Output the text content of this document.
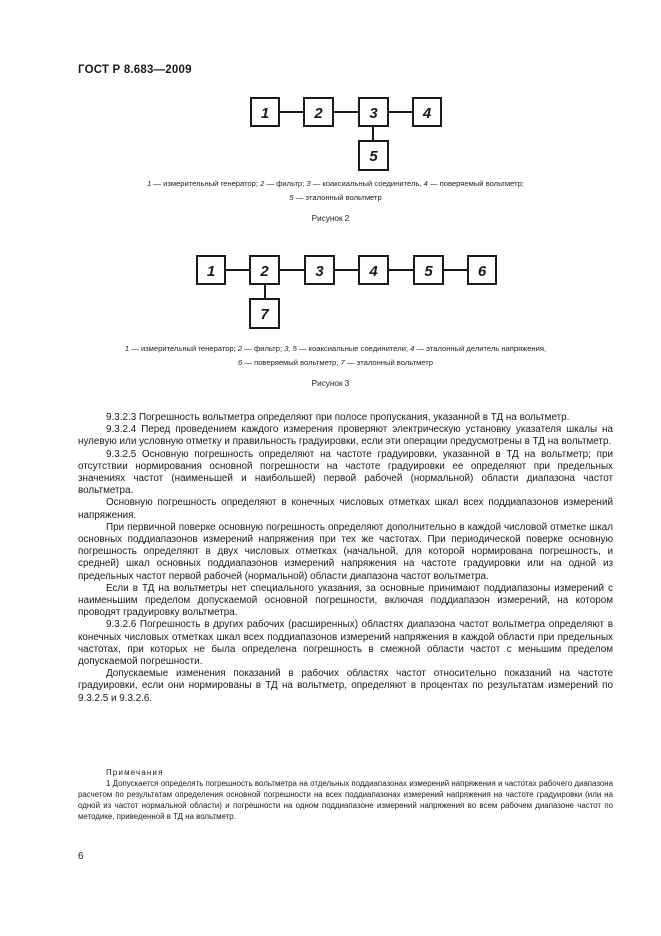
ГОСТ Р 8.683—2009
1	2	3	4
5
1	2	3	4	5	6
7
1 — измерительный генератор; 2 — фильтр; 3 — коаксиальный соединитель, 4 — поверяемый вольтметр;
5 — эталонный вольтметр
Рисунок 2
1 — измерительный генератор; 2 — фильтр; 3, 5 — коаксиальные соединители; 4 — эталонный делитель напряжения,
6 — поверяемый вольтметр; 7 — эталонный вольтметр
Рисунок 3

9.3.2.3 Погрешность вольтметра определяют при полосе пропускания, указанной в ТД на вольтметр.

9.3.2.4 Перед проведением каждого измерения проверяют электрическую установку указателя шкалы на нулевую или условную отметку и правильность градуировки, если эти операции предусмотрены в ТД на вольтметр.

9.3.2.5 Основную погрешность определяют на частоте градуировки, указанной в ТД на вольтметр; при отсутствии нормирования основной погрешности на частоте градуировки ее определяют при предельных значениях частот (наименьшей и наибольшей) первой рабочей (нормальной) области диапазона частот вольтметра.

Основную погрешность определяют в конечных числовых отметках шкал всех поддиапазонов измерений напряжения.

При первичной поверке основную погрешность определяют дополнительно в каждой числовой отметке шкал основных поддиапазонов измерений напряжения при тех же частотах. При периодической поверке основную погрешность определяют в двух числовых отметках (начальной, для которой нормирована погрешность, и средней) шкал основных поддиапазонов измерений напряжения на частоте градуировки или на одной из предельных частот первой рабочей (нормальной) области диапазона частот вольтметра.

Если в ТД на вольтметры нет специального указания, за основные принимают поддиапазоны измерений с наименьшим пределом допускаемой основной погрешности, включая поддиапазон измерений, на котором проводят градуировку вольтметра.

9.3.2.6 Погрешность в других рабочих (расширенных) областях диапазона частот вольтметра определяют в конечных числовых отметках шкал всех поддиапазонов измерений напряжения в каждой области при предельных частотах, при которых не была определена погрешность в смежной области частот с меньшим пределом допускаемой погрешности.

Допускаемые изменения показаний в рабочих областях частот относительно показаний на частоте градуировки, если они нормированы в ТД на вольтметр, определяют в процентах по результатам измерений по 9.3.2.5 и 9.3.2.6.

Примечания

1 Допускается определять погрешность вольтметра на отдельных поддиапазонах измерений напряжения и частотах рабочего диапазона расчетом по результатам определения основной погрешности на всех поддиапазонах измерений напряжения на частоте градуировки (или на одной из частот нормальной области) и погрешности на одном поддиапазоне измерений напряжения во всем рабочем диапазоне частот по методике, приведенной в ТД на вольтметр.

6
